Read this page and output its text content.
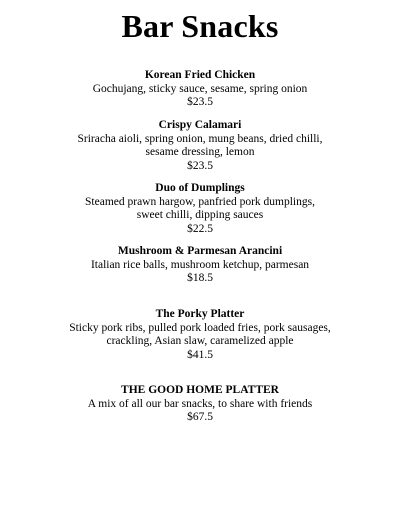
Bar Snacks
Korean Fried Chicken
Gochujang, sticky sauce, sesame, spring onion
$23.5
Crispy Calamari
Sriracha aioli, spring onion, mung beans, dried chilli,
sesame dressing, lemon
$23.5
Duo of Dumplings
Steamed prawn hargow, panfried pork dumplings,
sweet chilli, dipping sauces
$22.5
Mushroom & Parmesan Arancini
Italian rice balls, mushroom ketchup, parmesan
$18.5
The Porky Platter
Sticky pork ribs, pulled pork loaded fries, pork sausages,
crackling, Asian slaw, caramelized apple
$41.5
THE GOOD HOME PLATTER
A mix of all our bar snacks, to share with friends
$67.5
